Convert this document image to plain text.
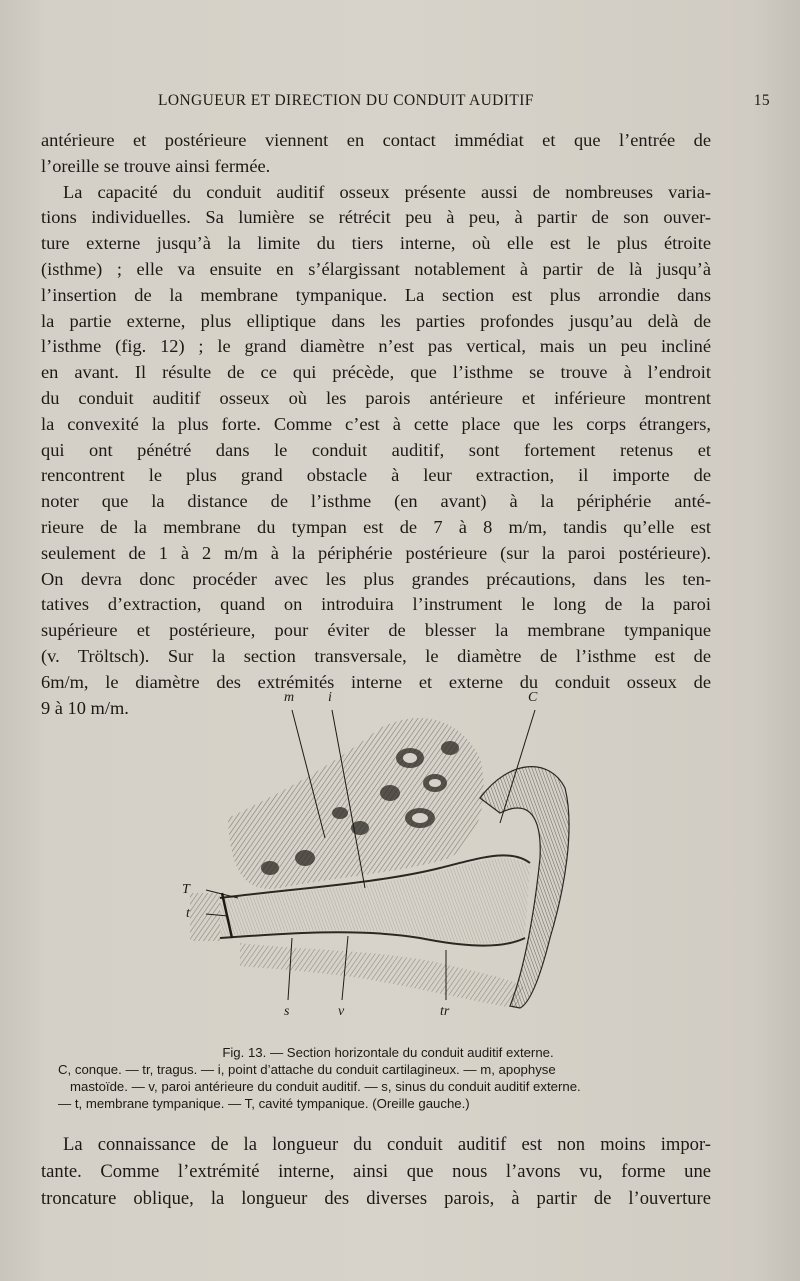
LONGUEUR ET DIRECTION DU CONDUIT AUDITIF	15
antérieure et postérieure viennent en contact immédiat et que l’entrée de
l’oreille se trouve ainsi fermée.
La capacité du conduit auditif osseux présente aussi de nombreuses varia-
tions individuelles. Sa lumière se rétrécit peu à peu, à partir de son ouver-
ture externe jusqu’à la limite du tiers interne, où elle est le plus étroite
(isthme) ; elle va ensuite en s’élargissant notablement à partir de là jusqu’à
l’insertion de la membrane tympanique. La section est plus arrondie dans
la partie externe, plus elliptique dans les parties profondes jusqu’au delà de
l’isthme (fig. 12) ; le grand diamètre n’est pas vertical, mais un peu incliné
en avant. Il résulte de ce qui précède, que l’isthme se trouve à l’endroit
du conduit auditif osseux où les parois antérieure et inférieure montrent
la convexité la plus forte. Comme c’est à cette place que les corps étrangers,
qui ont pénétré dans le conduit auditif, sont fortement retenus et
rencontrent le plus grand obstacle à leur extraction, il importe de
noter que la distance de l’isthme (en avant) à la périphérie anté-
rieure de la membrane du tympan est de 7 à 8 m/m, tandis qu’elle est
seulement de 1 à 2 m/m à la périphérie postérieure (sur la paroi postérieure).
On devra donc procéder avec les plus grandes précautions, dans les ten-
tatives d’extraction, quand on introduira l’instrument le long de la paroi
supérieure et postérieure, pour éviter de blesser la membrane tympanique
(v. Tröltsch). Sur la section transversale, le diamètre de l’isthme est de
6m/m, le diamètre des extrémités interne et externe du conduit osseux de
9 à 10 m/m.
m i	C
T
t
s	v	tr
Fig. 13. — Section horizontale du conduit auditif externe.
C, conque. — tr, tragus. — i, point d’attache du conduit cartilagineux. — m, apophyse
mastoïde. — v, paroi antérieure du conduit auditif. — s, sinus du conduit auditif externe.
— t, membrane tympanique. — T, cavité tympanique. (Oreille gauche.)
La connaissance de la longueur du conduit auditif est non moins impor-
tante. Comme l’extrémité interne, ainsi que nous l’avons vu, forme une
troncature oblique, la longueur des diverses parois, à partir de l’ouverture
